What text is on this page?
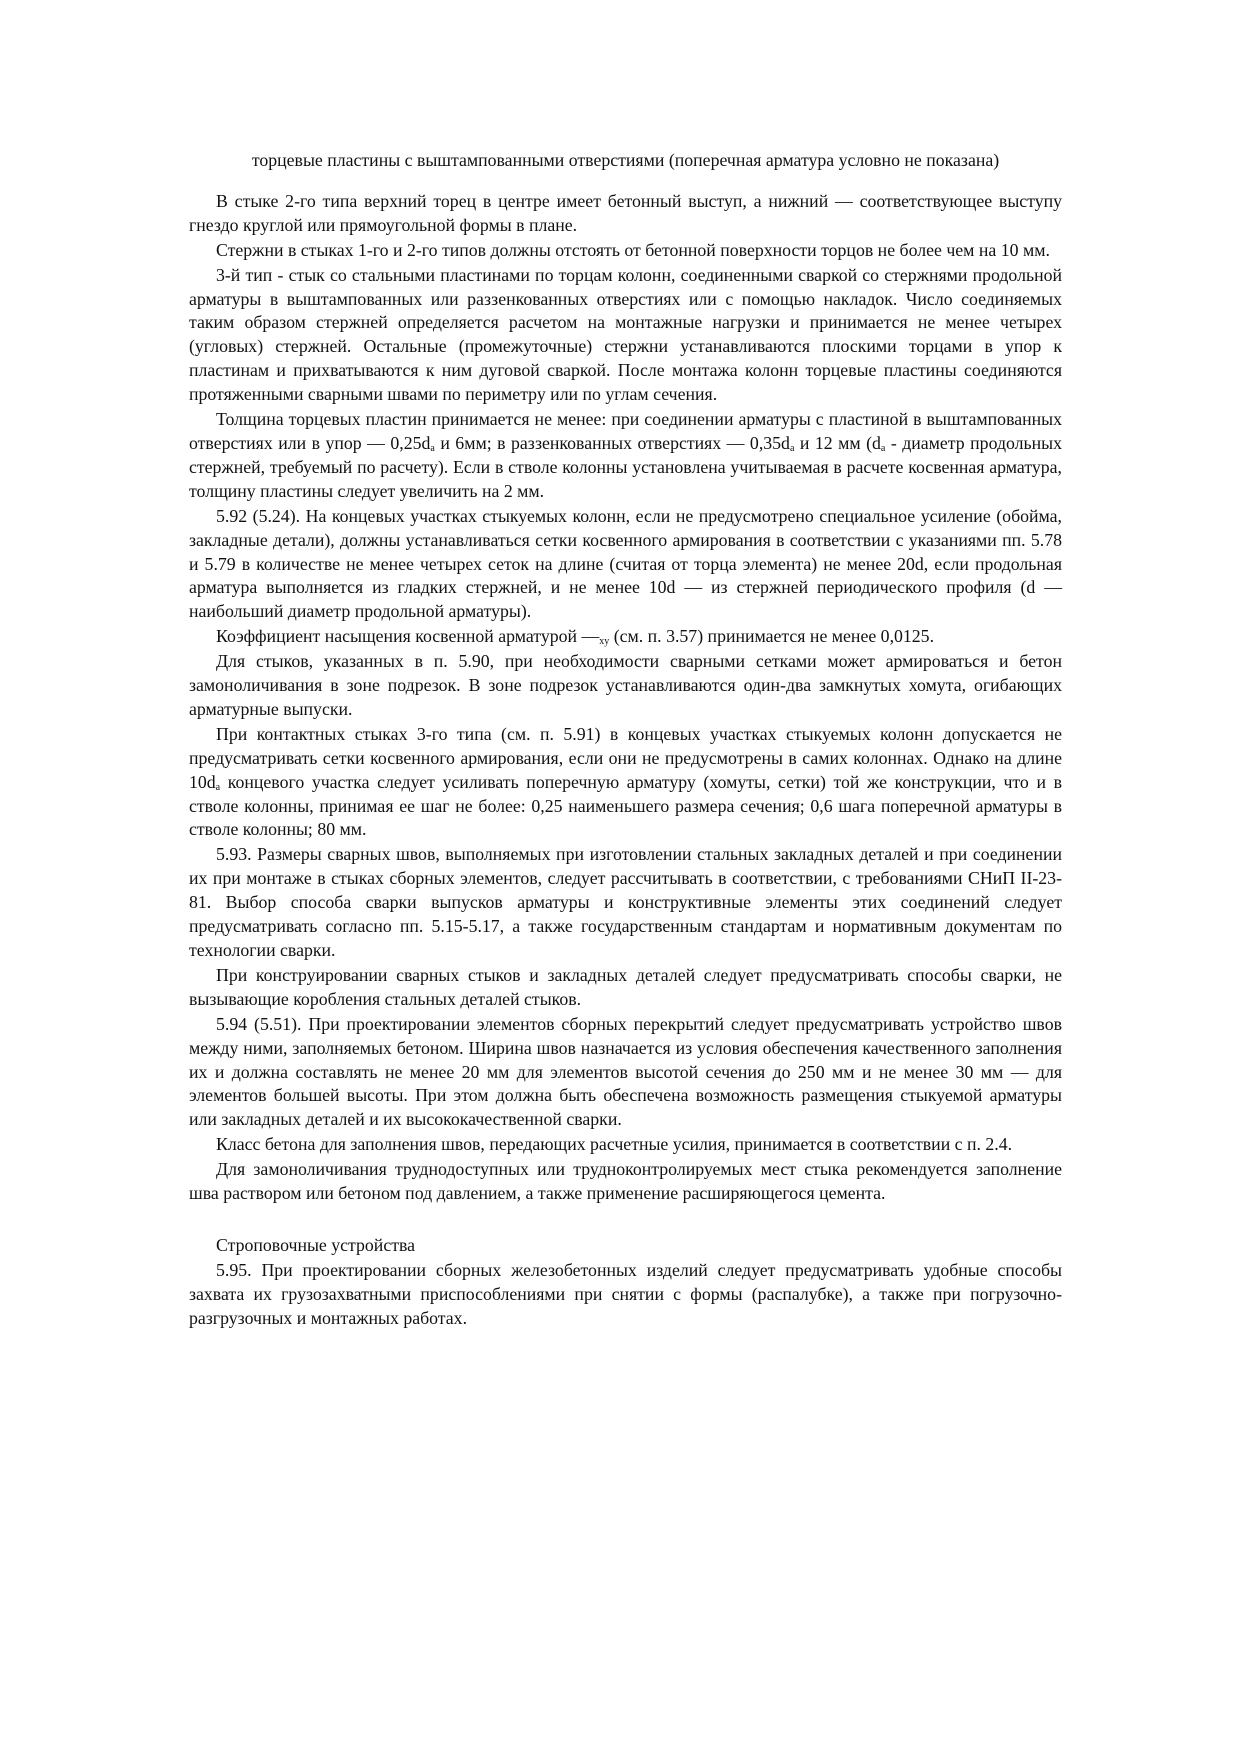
торцевые пластины с выштампованными отверстиями (поперечная арматура условно не показана)

В стыке 2-го типа верхний торец в центре имеет бетонный выступ, а нижний — соответствующее выступу гнездо круглой или прямоугольной формы в плане.

Стержни в стыках 1-го и 2-го типов должны отстоять от бетонной поверхности торцов не более чем на 10 мм.

3-й тип - стык со стальными пластинами по торцам колонн, соединенными сваркой со стержнями продольной арматуры в выштампованных или раззенкованных отверстиях или с помощью накладок. Число соединяемых таким образом стержней определяется расчетом на монтажные нагрузки и принимается не менее четырех (угловых) стержней. Остальные (промежуточные) стержни устанавливаются плоскими торцами в упор к пластинам и прихватываются к ним дуговой сваркой. После монтажа колонн торцевые пластины соединяются протяженными сварными швами по периметру или по углам сечения.

Толщина торцевых пластин принимается не менее: при соединении арматуры с пластиной в выштампованных отверстиях или в упор — $0,25d_a$ и 6мм; в раззенкованных отверстиях — $0,35d_a$ и 12 мм ($d_a$ - диаметр продольных стержней, требуемый по расчету). Если в стволе колонны установлена учитываемая в расчете косвенная арматура, толщину пластины следует увеличить на 2 мм.

5.92 (5.24). На концевых участках стыкуемых колонн, если не предусмотрено специальное усиление (обойма, закладные детали), должны устанавливаться сетки косвенного армирования в соответствии с указаниями пп. 5.78 и 5.79 в количестве не менее четырех сеток на длине (считая от торца элемента) не менее 20d, если продольная арматура выполняется из гладких стержней, и не менее 10d — из стержней периодического профиля (d — наибольший диаметр продольной арматуры).

Коэффициент насыщения косвенной арматурой $—_{xy}$ (см. п. 3.57) принимается не менее 0,0125.

Для стыков, указанных в п. 5.90, при необходимости сварными сетками может армироваться и бетон замоноличивания в зоне подрезок. В зоне подрезок устанавливаются один-два замкнутых хомута, огибающих арматурные выпуски.

При контактных стыках 3-го типа (см. п. 5.91) в концевых участках стыкуемых колонн допускается не предусматривать сетки косвенного армирования, если они не предусмотрены в самих колоннах. Однако на длине $10d_a$ концевого участка следует усиливать поперечную арматуру (хомуты, сетки) той же конструкции, что и в стволе колонны, принимая ее шаг не более: 0,25 наименьшего размера сечения; 0,6 шага поперечной арматуры в стволе колонны; 80 мм.

5.93. Размеры сварных швов, выполняемых при изготовлении стальных закладных деталей и при соединении их при монтаже в стыках сборных элементов, следует рассчитывать в соответствии, с требованиями СНиП II-23-81. Выбор способа сварки выпусков арматуры и конструктивные элементы этих соединений следует предусматривать согласно пп. 5.15-5.17, а также государственным стандартам и нормативным документам по технологии сварки.

При конструировании сварных стыков и закладных деталей следует предусматривать способы сварки, не вызывающие коробления стальных деталей стыков.

5.94 (5.51). При проектировании элементов сборных перекрытий следует предусматривать устройство швов между ними, заполняемых бетоном. Ширина швов назначается из условия обеспечения качественного заполнения их и должна составлять не менее 20 мм для элементов высотой сечения до 250 мм и не менее 30 мм — для элементов большей высоты. При этом должна быть обеспечена возможность размещения стыкуемой арматуры или закладных деталей и их высококачественной сварки.

Класс бетона для заполнения швов, передающих расчетные усилия, принимается в соответствии с п. 2.4.

Для замоноличивания труднодоступных или трудноконтролируемых мест стыка рекомендуется заполнение шва раствором или бетоном под давлением, а также применение расширяющегося цемента.

Строповочные устройства

5.95. При проектировании сборных железобетонных изделий следует предусматривать удобные способы захвата их грузозахватными приспособлениями при снятии с формы (распалубке), а также при погрузочно-разгрузочных и монтажных работах.
